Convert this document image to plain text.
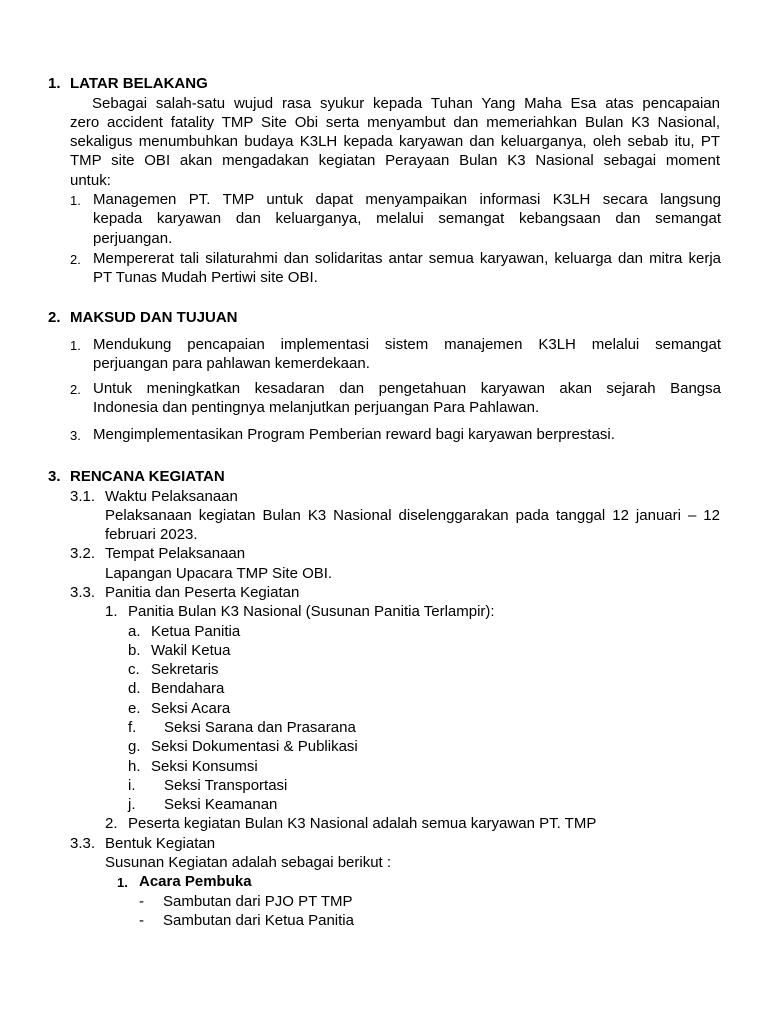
1. LATAR BELAKANG

Sebagai salah-satu wujud rasa syukur kepada Tuhan Yang Maha Esa atas pencapaian

zero accident fatality TMP Site Obi serta menyambut dan memeriahkan Bulan K3 Nasional,

sekaligus menumbuhkan budaya K3LH kepada karyawan dan keluarganya, oleh sebab itu, PT

TMP site OBI akan mengadakan kegiatan Perayaan Bulan K3 Nasional sebagai moment

untuk:

1. Managemen PT. TMP untuk dapat menyampaikan informasi K3LH secara langsung

kepada karyawan dan keluarganya, melalui semangat kebangsaan dan semangat

perjuangan.

2. Mempererat tali silaturahmi dan solidaritas antar semua karyawan, keluarga dan mitra kerja

PT Tunas Mudah Pertiwi site OBI.

2. MAKSUD DAN TUJUAN
1. Mendukung pencapaian implementasi sistem manajemen K3LH melalui semangat

perjuangan para pahlawan kemerdekaan.

2. Untuk meningkatkan kesadaran dan pengetahuan karyawan akan sejarah Bangsa

Indonesia dan pentingnya melanjutkan perjuangan Para Pahlawan.

3. Mengimplementasikan Program Pemberian reward bagi karyawan berprestasi.

3. RENCANA KEGIATAN
3.1. Waktu Pelaksanaan

Pelaksanaan kegiatan Bulan K3 Nasional diselenggarakan pada tanggal 12 januari – 12

februari 2023.

3.2. Tempat Pelaksanaan
Lapangan Upacara TMP Site OBI.
3.3. Panitia dan Peserta Kegiatan
1. Panitia Bulan K3 Nasional (Susunan Panitia Terlampir):
a. Ketua Panitia
b. Wakil Ketua
c. Sekretaris
d. Bendahara
e. Seksi Acara
f. Seksi Sarana dan Prasarana
g. Seksi Dokumentasi & Publikasi
h. Seksi Konsumsi
i. Seksi Transportasi
j. Seksi Keamanan
2. Peserta kegiatan Bulan K3 Nasional adalah semua karyawan PT. TMP
3.3. Bentuk Kegiatan
Susunan Kegiatan adalah sebagai berikut :
1. Acara Pembuka
- Sambutan dari PJO PT TMP
- Sambutan dari Ketua Panitia
